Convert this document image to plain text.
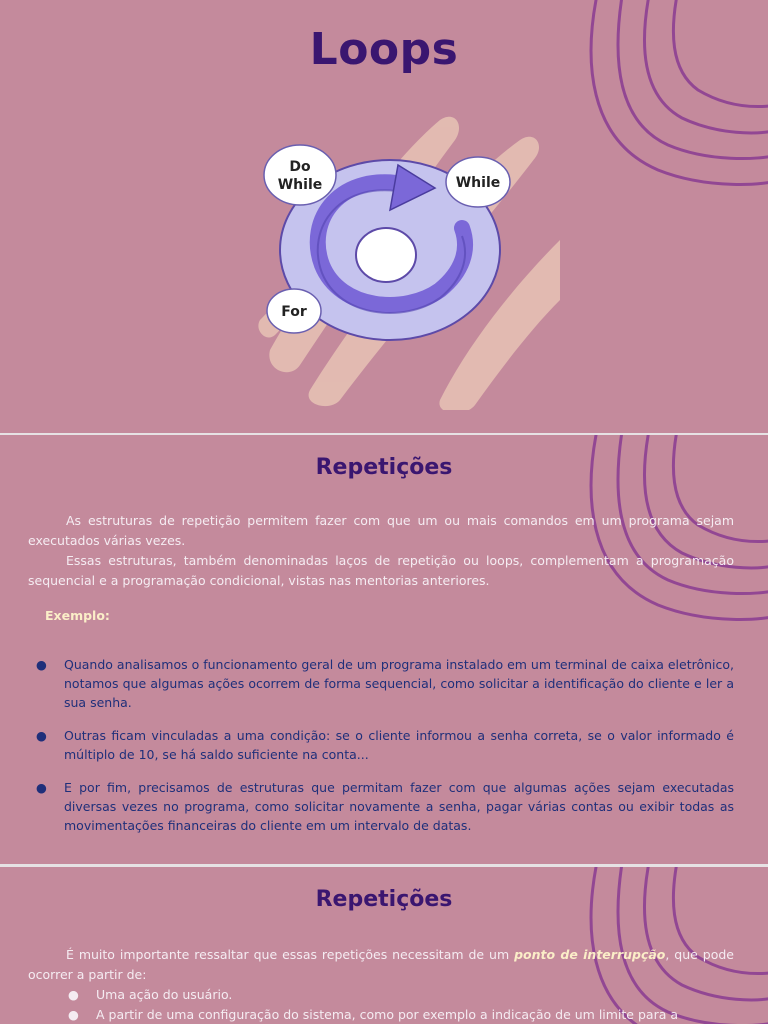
Loops
Do
While	While
For
Repetições

As estruturas de repetição permitem fazer com que um ou mais comandos em um programa sejam executados várias vezes.

Essas estruturas, também denominadas laços de repetição ou loops, complementam a programação sequencial e a programação condicional, vistas nas mentorias anteriores.

Exemplo:

● Quando analisamos o funcionamento geral de um programa instalado em um terminal de caixa eletrônico, notamos que algumas ações ocorrem de forma sequencial, como solicitar a identificação do cliente e ler a sua senha.
● Outras ficam vinculadas a uma condição: se o cliente informou a senha correta, se o valor informado é múltiplo de 10, se há saldo suficiente na conta...
● E por fim, precisamos de estruturas que permitam fazer com que algumas ações sejam executadas diversas vezes no programa, como solicitar novamente a senha, pagar várias contas ou exibir todas as movimentações financeiras do cliente em um intervalo de datas.
Repetições

É muito importante ressaltar que essas repetições necessitam de um ponto de interrupção, que pode ocorrer a partir de:

● Uma ação do usuário.
● A partir de uma configuração do sistema, como por exemplo a indicação de um limite para a
